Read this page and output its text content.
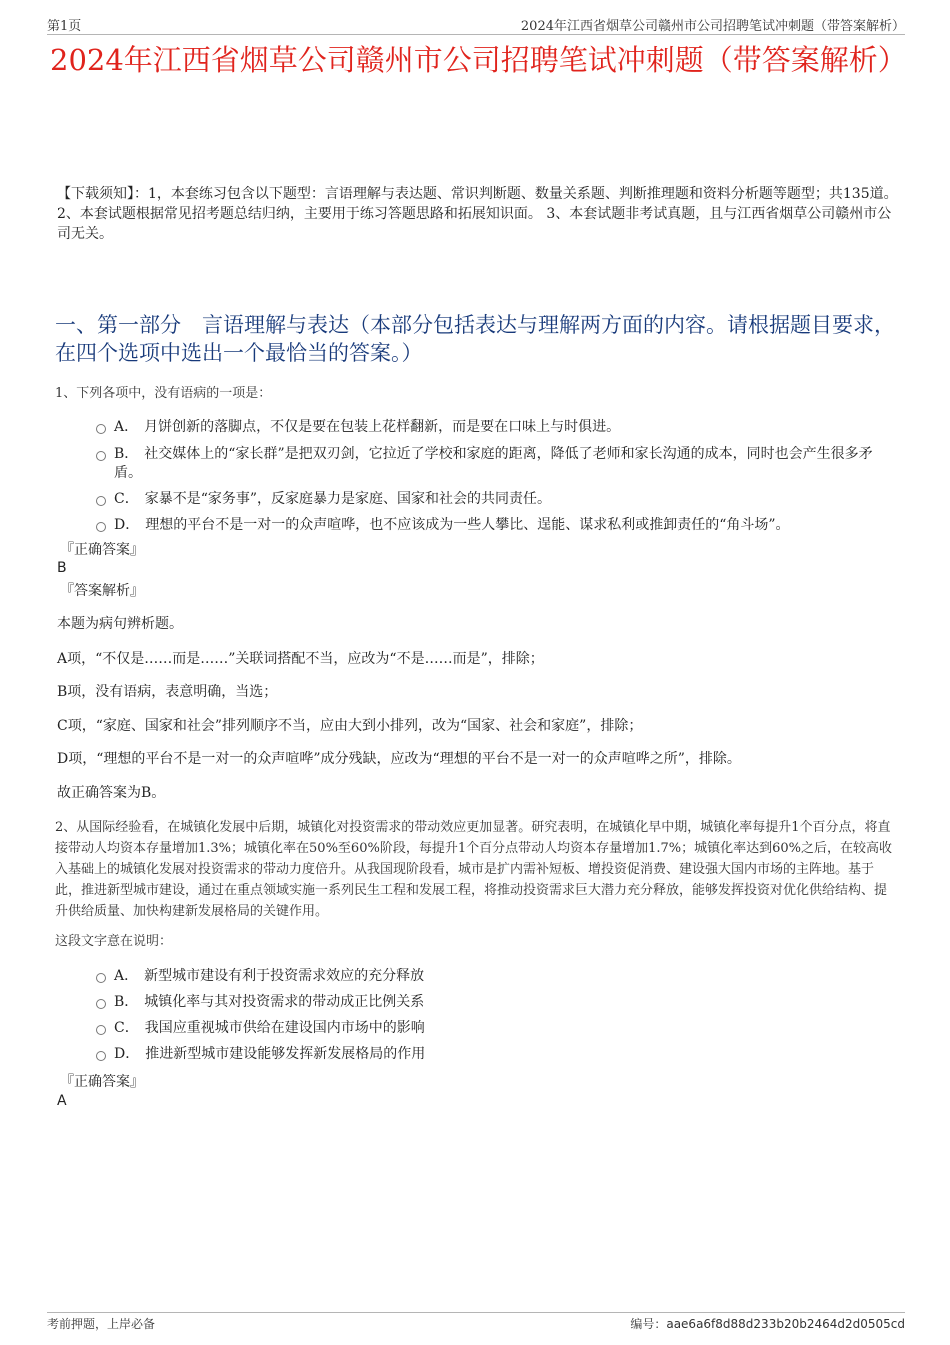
第1页	2024年江西省烟草公司赣州市公司招聘笔试冲刺题（带答案解析）
2024年江西省烟草公司赣州市公司招聘笔试冲刺题（带答案解析）

【下载须知】：1，本套练习包含以下题型：言语理解与表达题、常识判断题、数量关系题、判断推理题和资料分析题等题型；共135道。 2、本套试题根据常见招考题总结归纳，主要用于练习答题思路和拓展知识面。 3、本套试题非考试真题，且与江西省烟草公司赣州市公司无关。

一、第一部分　言语理解与表达（本部分包括表达与理解两方面的内容。请根据题目要求，在四个选项中选出一个最恰当的答案。）

1、下列各项中，没有语病的一项是：

A． 月饼创新的落脚点，不仅是要在包装上花样翻新，而是要在口味上与时俱进。
B． 社交媒体上的“家长群”是把双刃剑，它拉近了学校和家庭的距离，降低了老师和家长沟通的成本，同时也会产生很多矛盾。
C． 家暴不是“家务事”，反家庭暴力是家庭、国家和社会的共同责任。
D． 理想的平台不是一对一的众声喧哗，也不应该成为一些人攀比、逞能、谋求私利或推卸责任的“角斗场”。
『正确答案』
B
『答案解析』

本题为病句辨析题。

A项，“不仅是……而是……”关联词搭配不当，应改为“不是……而是”，排除；

B项，没有语病，表意明确，当选；

C项，“家庭、国家和社会”排列顺序不当，应由大到小排列，改为“国家、社会和家庭”，排除；

D项，“理想的平台不是一对一的众声喧哗”成分残缺，应改为“理想的平台不是一对一的众声喧哗之所”，排除。

故正确答案为B。

2、从国际经验看，在城镇化发展中后期，城镇化对投资需求的带动效应更加显著。研究表明，在城镇化早中期，城镇化率每提升1个百分点，将直接带动人均资本存量增加1.3%；城镇化率在50%至60%阶段，每提升1个百分点带动人均资本存量增加1.7%；城镇化率达到60%之后，在较高收入基础上的城镇化发展对投资需求的带动力度倍升。从我国现阶段看，城市是扩内需补短板、增投资促消费、建设强大国内市场的主阵地。基于此，推进新型城市建设，通过在重点领域实施一系列民生工程和发展工程，将推动投资需求巨大潜力充分释放，能够发挥投资对优化供给结构、提升供给质量、加快构建新发展格局的关键作用。

这段文字意在说明：

A． 新型城市建设有利于投资需求效应的充分释放
B． 城镇化率与其对投资需求的带动成正比例关系
C． 我国应重视城市供给在建设国内市场中的影响
D． 推进新型城市建设能够发挥新发展格局的作用
『正确答案』
A
考前押题，上岸必备	编号：aae6a6f8d88d233b20b2464d2d0505cd
